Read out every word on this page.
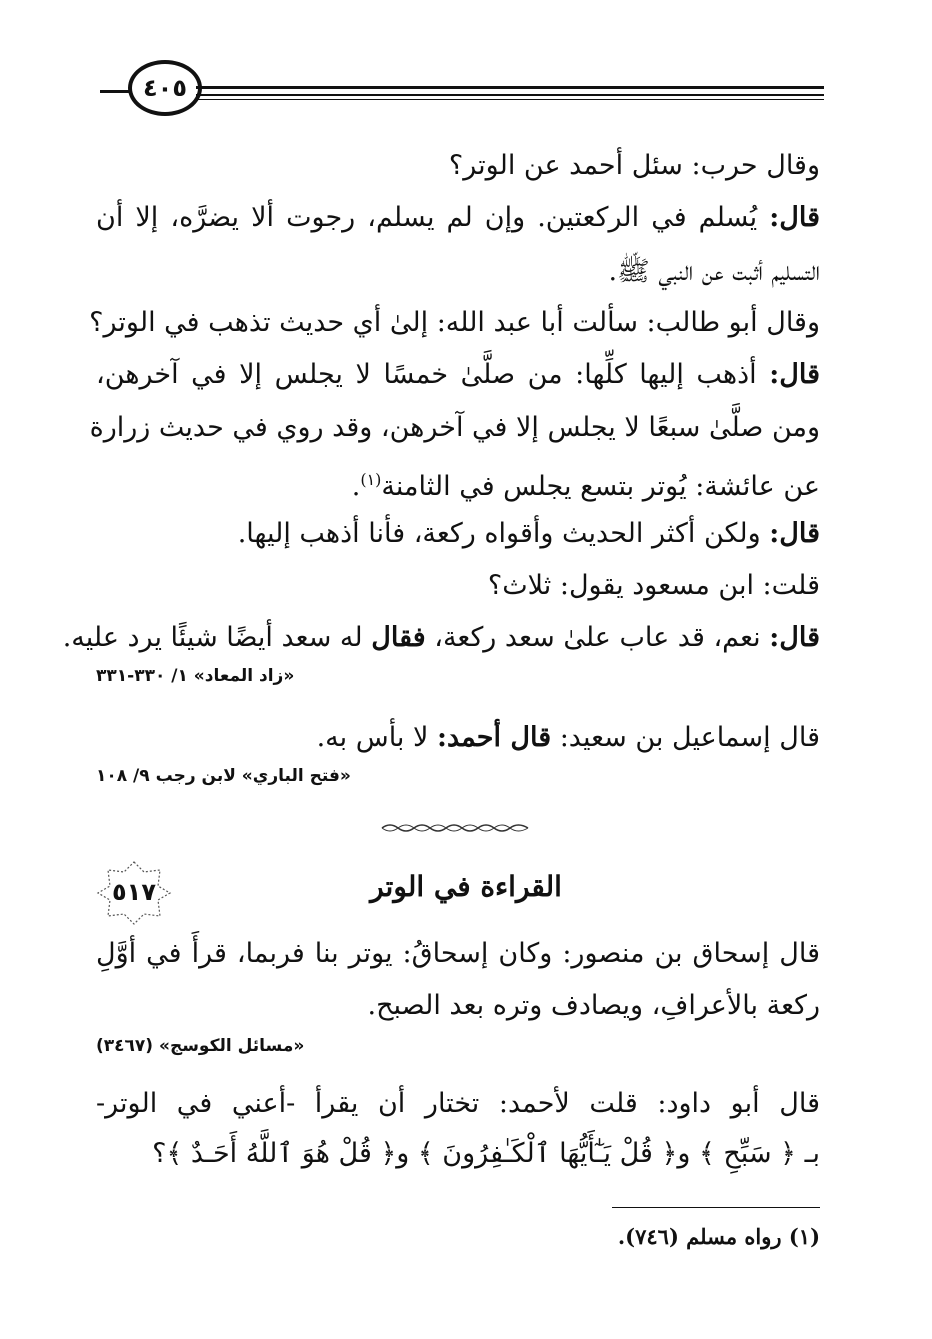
٤٠٥
وقال حرب: سئل أحمد عن الوتر؟
قال: يُسلم في الركعتين. وإن لم يسلم، رجوت ألا يضرَّه، إلا أن
التسليم أثبت عن النبي ﷺ.
وقال أبو طالب: سألت أبا عبد الله: إلىٰ أي حديث تذهب في الوتر؟
قال: أذهب إليها كلِّها: من صلَّىٰ خمسًا لا يجلس إلا في آخرهن،
ومن صلَّىٰ سبعًا لا يجلس إلا في آخرهن، وقد روي في حديث زرارة
عن عائشة: يُوتر بتسع يجلس في الثامنة$^{(١)}$.
قال: ولكن أكثر الحديث وأقواه ركعة، فأنا أذهب إليها.
قلت: ابن مسعود يقول: ثلاث؟
قال: نعم، قد عاب علىٰ سعد ركعة، فقال له سعد أيضًا شيئًا يرد عليه.
«زاد المعاد» ١/ ٣٣٠-٣٣١
قال إسماعيل بن سعيد: قال أحمد: لا بأس به.
«فتح الباري» لابن رجب ٩/ ١٠٨
٥١٧	القراءة في الوتر
قال إسحاق بن منصور: وكان إسحاقُ: يوتر بنا فربما، قرأَ في أوَّلِ
ركعة بالأعرافِ، ويصادف وتره بعد الصبح.
«مسائل الكوسج» (٣٤٦٧)
قال أبو داود: قلت لأحمد: تختار أن يقرأ -أعني في الوتر-
بـ ﴿ سَبِّحِ ﴾ و﴿ قُلْ يَـٰٓأَيُّهَا ٱلْكَـٰفِرُونَ ﴾ و﴿ قُلْ هُوَ ٱللَّهُ أَحَـدٌ ﴾؟
(١) رواه مسلم (٧٤٦).
